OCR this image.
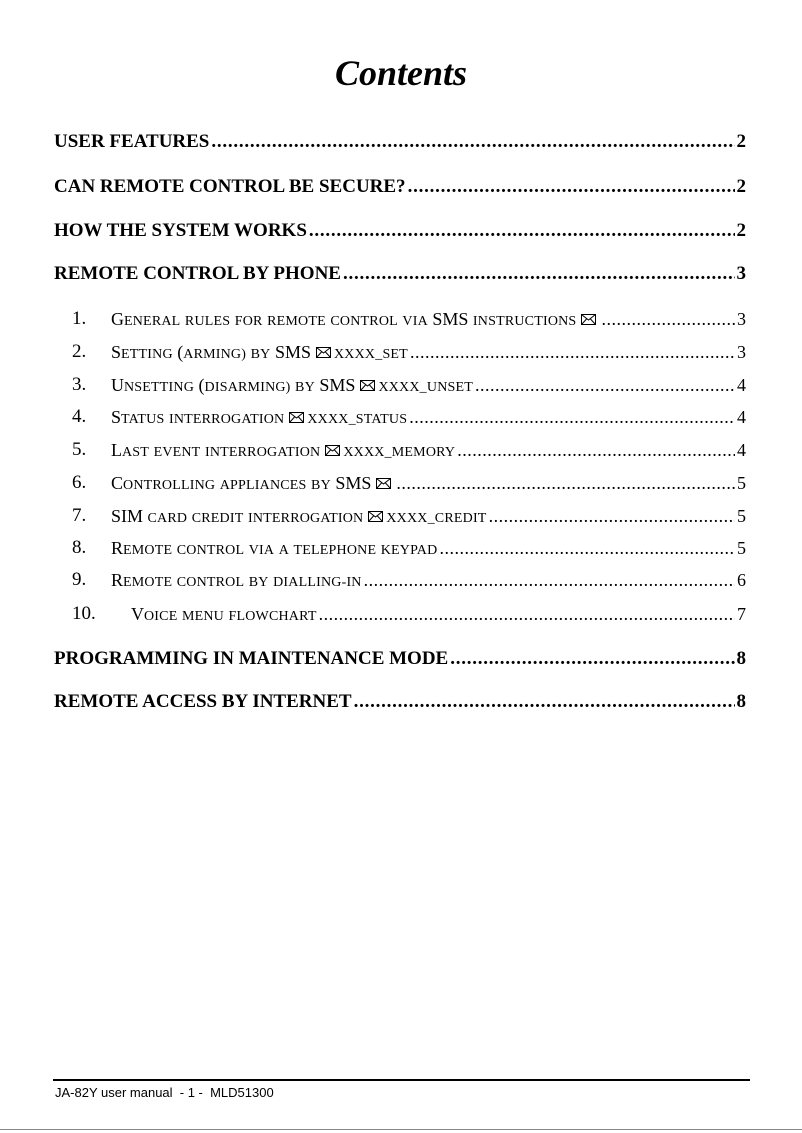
Contents
USER FEATURES . . .	2
CAN REMOTE CONTROL BE SECURE? . . .	2
HOW THE SYSTEM WORKS . . .	2
REMOTE CONTROL BY PHONE . . .	3
1. GENERAL RULES FOR REMOTE CONTROL VIA SMS INSTRUCTIONS . . .	3
2. SETTING (ARMING) BY SMS XXXX_SET . . .	3
3. UNSETTING (DISARMING) BY SMS XXXX_UNSET . . .	4
4. STATUS INTERROGATION XXXX_STATUS . . .	4
5. LAST EVENT INTERROGATION XXXX_MEMORY . . .	4
6. CONTROLLING APPLIANCES BY SMS . . .	5
7. SIM CARD CREDIT INTERROGATION XXXX_CREDIT . . .	5
8. REMOTE CONTROL VIA A TELEPHONE KEYPAD . . .	5
9. REMOTE CONTROL BY DIALLING-IN . . .	6
10. VOICE MENU FLOWCHART . . .	7
PROGRAMMING IN MAINTENANCE MODE . . .	8
REMOTE ACCESS BY INTERNET . . .	8
JA-82Y user manual  - 1 -  MLD51300
